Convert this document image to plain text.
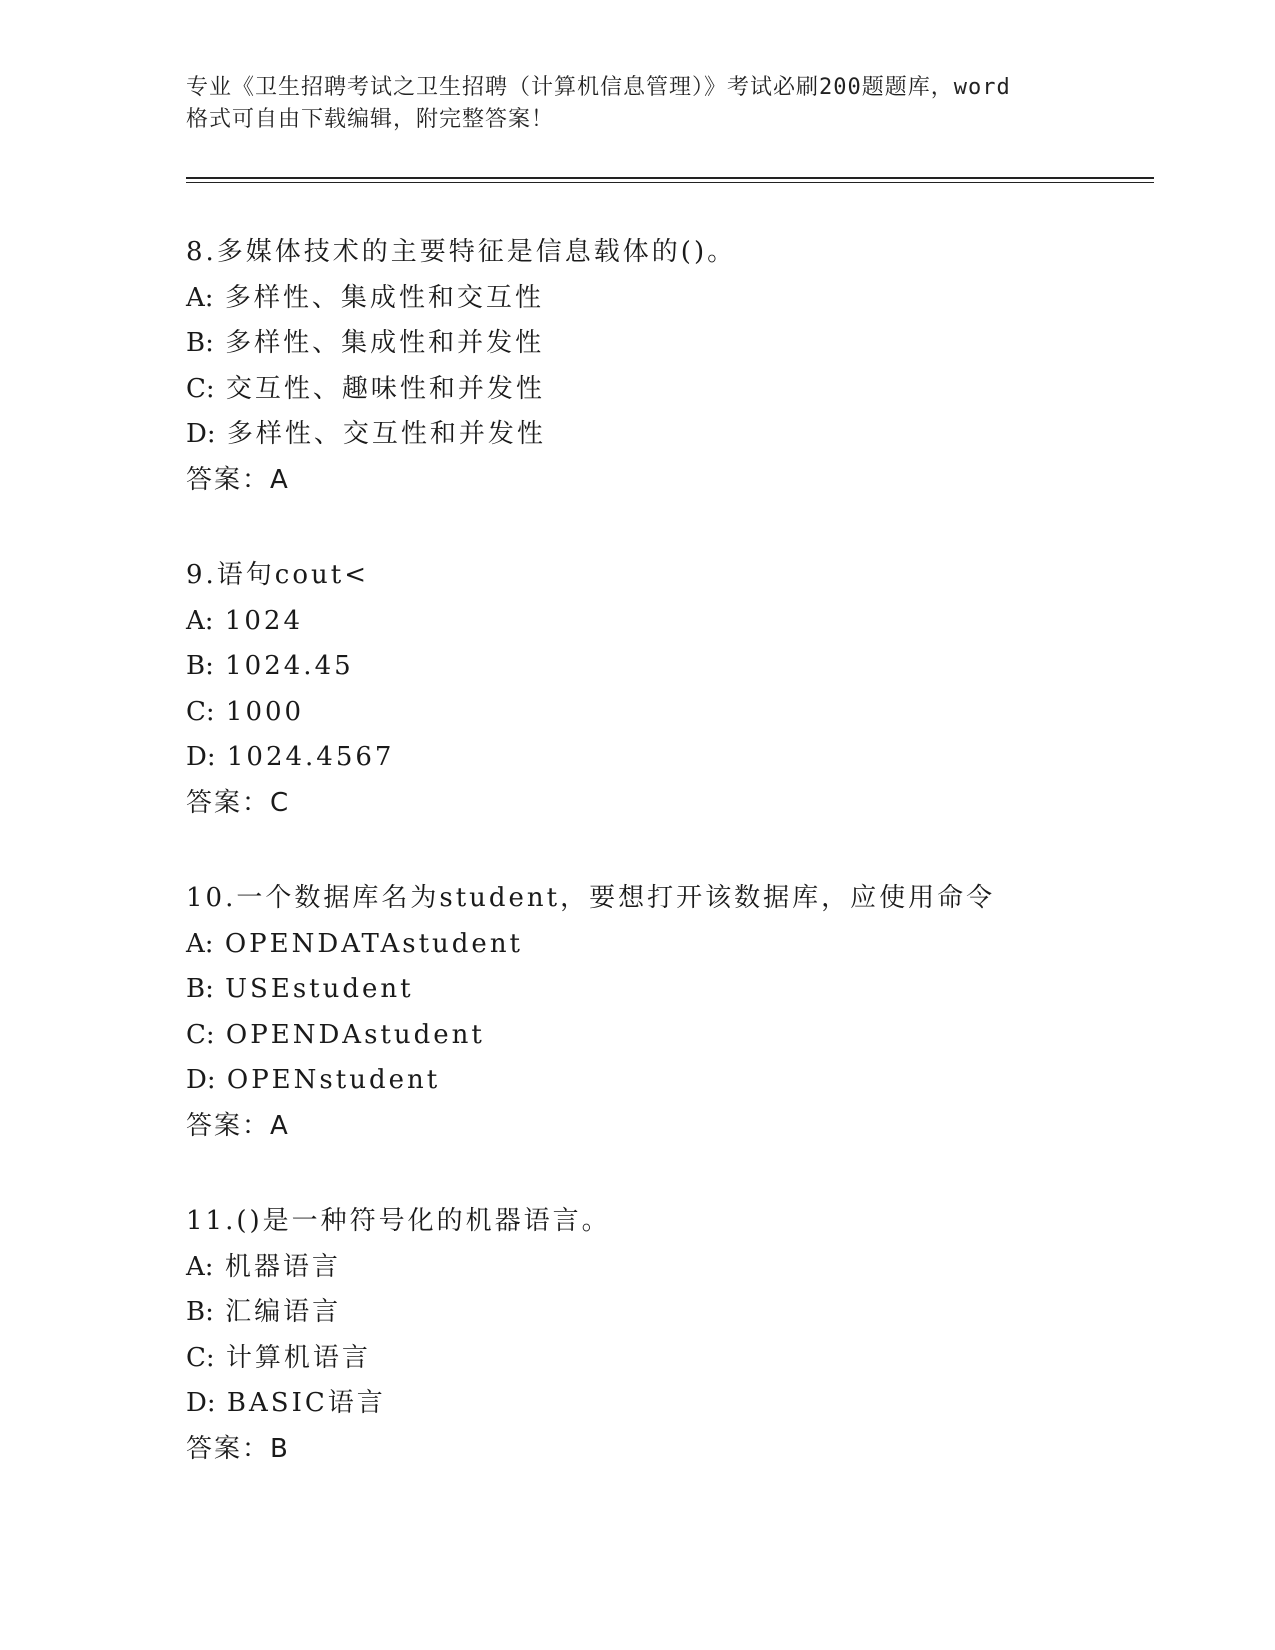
专业《卫生招聘考试之卫生招聘（计算机信息管理）》考试必刷200题题库，word
格式可自由下载编辑，附完整答案！
8.多媒体技术的主要特征是信息载体的()。
A: 多样性、集成性和交互性
B: 多样性、集成性和并发性
C: 交互性、趣味性和并发性
D: 多样性、交互性和并发性
答案：A
9.语句cout<
A: 1024
B: 1024.45
C: 1000
D: 1024.4567
答案：C
10.一个数据库名为student，要想打开该数据库，应使用命令
A: OPENDATAstudent
B: USEstudent
C: OPENDAstudent
D: OPENstudent
答案：A
11.()是一种符号化的机器语言。
A: 机器语言
B: 汇编语言
C: 计算机语言
D: BASIC语言
答案：B
